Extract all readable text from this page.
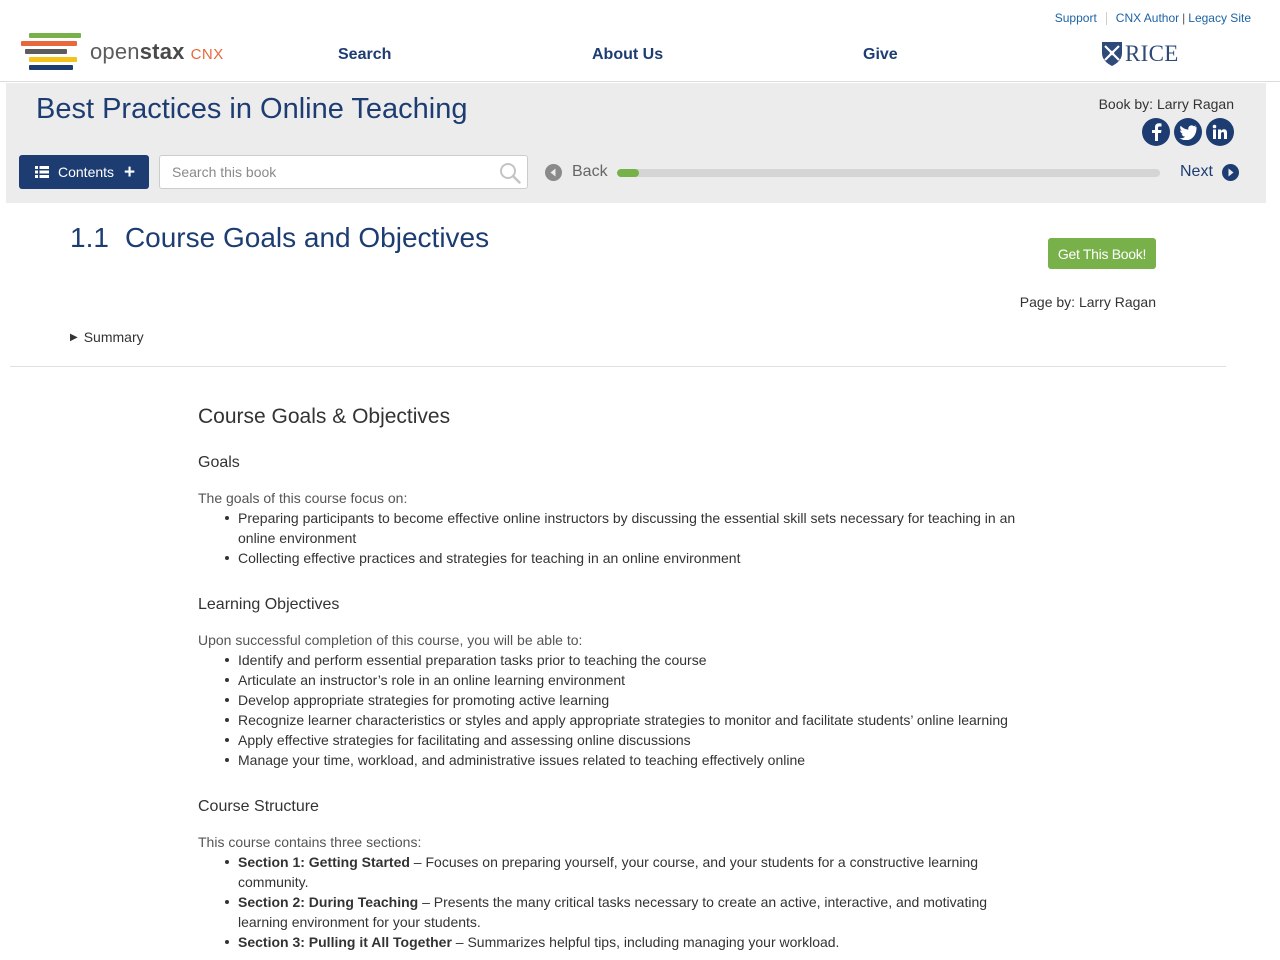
Support CNX Author | Legacy Site
open stax CNX	Search	About Us	Give	RICE
Best Practices in Online Teaching	Book by: Larry Ragan
Contents +
Search this book	Back	Next
1.1 Course Goals and Objectives
Get This Book!
Page by: Larry Ragan
▶ Summary
Course Goals & Objectives
Goals

The goals of this course focus on:

Preparing participants to become effective online instructors by discussing the essential skill sets necessary for teaching in an online environment
Collecting effective practices and strategies for teaching in an online environment
Learning Objectives

Upon successful completion of this course, you will be able to:

Identify and perform essential preparation tasks prior to teaching the course
Articulate an instructor’s role in an online learning environment
Develop appropriate strategies for promoting active learning
Recognize learner characteristics or styles and apply appropriate strategies to monitor and facilitate students’ online learning
Apply effective strategies for facilitating and assessing online discussions
Manage your time, workload, and administrative issues related to teaching effectively online
Course Structure

This course contains three sections:

Section 1: Getting Started – Focuses on preparing yourself, your course, and your students for a constructive learning community.
Section 2: During Teaching – Presents the many critical tasks necessary to create an active, interactive, and motivating learning environment for your students.
Section 3: Pulling it All Together – Summarizes helpful tips, including managing your workload.
